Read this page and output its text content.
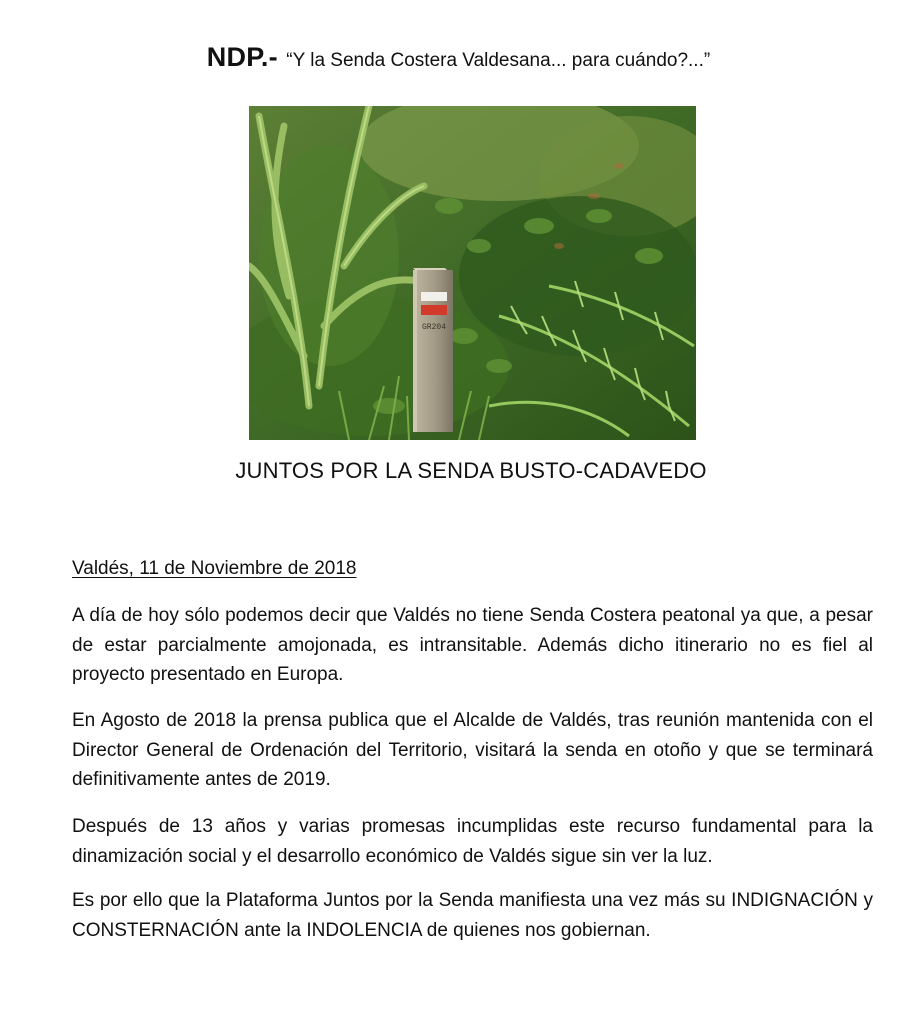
NDP.- “Y la Senda Costera Valdesana... para cuándo?...”
GR204
JUNTOS POR LA SENDA BUSTO-CADAVEDO
Valdés, 11 de Noviembre de 2018

A día de hoy sólo podemos decir que Valdés no tiene Senda Costera peatonal ya que, a pesar de estar parcialmente amojonada, es intransitable. Además dicho itinerario no es fiel al proyecto presentado en Europa.

En Agosto de 2018 la prensa publica que el Alcalde de Valdés, tras reunión mantenida con el Director General de Ordenación del Territorio, visitará la senda en otoño y que se terminará definitivamente antes de 2019.

Después de 13 años y varias promesas incumplidas este recurso fundamental para la dinamización social y el desarrollo económico de Valdés sigue sin ver la luz.

Es por ello que la Plataforma Juntos por la Senda manifiesta una vez más su INDIGNACIÓN y CONSTERNACIÓN ante la INDOLENCIA de quienes nos gobiernan.
